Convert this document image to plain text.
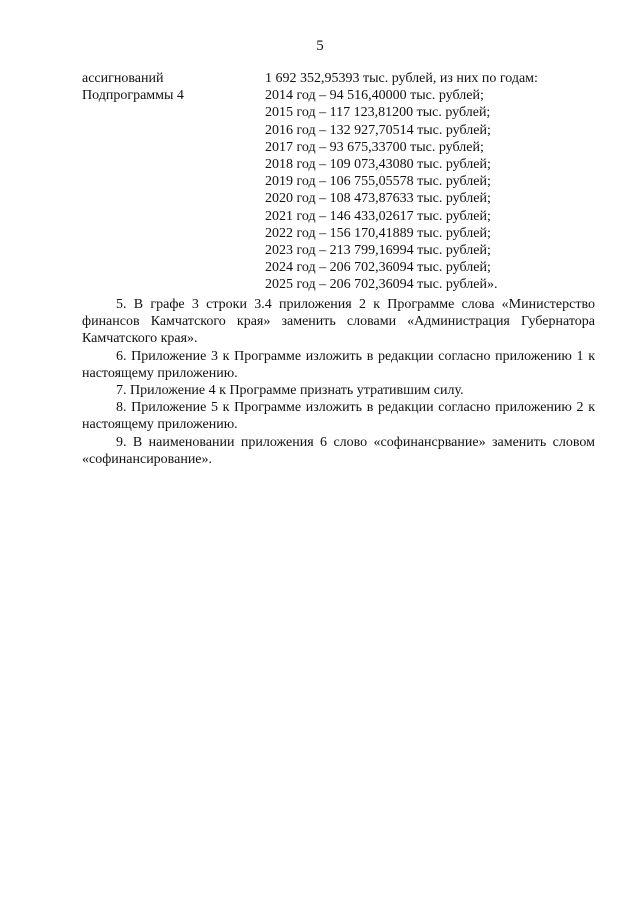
5
ассигнований
Подпрограммы 4
1 692 352,95393 тыс. рублей, из них по годам:
2014 год – 94 516,40000 тыс. рублей;
2015 год – 117 123,81200 тыс. рублей;
2016 год – 132 927,70514 тыс. рублей;
2017 год – 93 675,33700 тыс. рублей;
2018 год – 109 073,43080 тыс. рублей;
2019 год – 106 755,05578 тыс. рублей;
2020 год – 108 473,87633 тыс. рублей;
2021 год – 146 433,02617 тыс. рублей;
2022 год – 156 170,41889 тыс. рублей;
2023 год – 213 799,16994 тыс. рублей;
2024 год – 206 702,36094 тыс. рублей;
2025 год – 206 702,36094 тыс. рублей».

5. В графе 3 строки 3.4 приложения 2 к Программе слова «Министерство финансов Камчатского края» заменить словами «Администрация Губернатора Камчатского края».

6. Приложение 3 к Программе изложить в редакции согласно приложению 1 к настоящему приложению.

7. Приложение 4 к Программе признать утратившим силу.

8. Приложение 5 к Программе изложить в редакции согласно приложению 2 к настоящему приложению.

9. В наименовании приложения 6 слово «софинансрвание» заменить словом «софинансирование».
